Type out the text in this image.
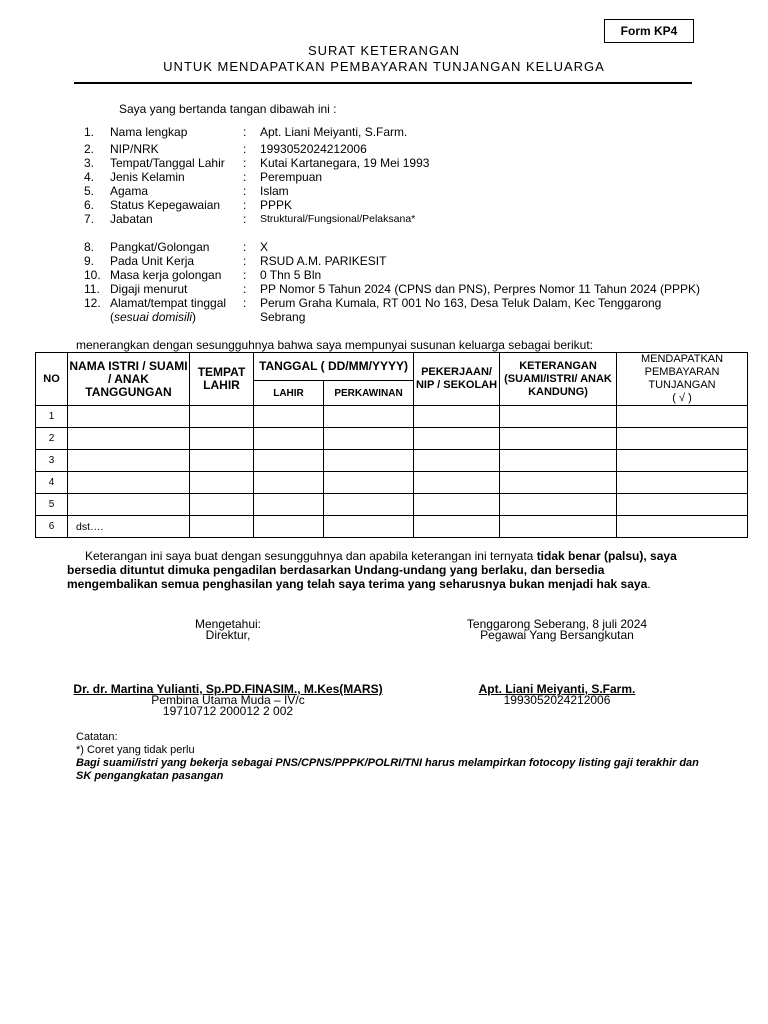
Form KP4
SURAT KETERANGAN
UNTUK MENDAPATKAN PEMBAYARAN TUNJANGAN KELUARGA
Saya yang bertanda tangan dibawah ini :
1. Nama lengkap	: Apt. Liani Meiyanti, S.Farm.
2. NIP/NRK	: 1993052024212006
3. Tempat/Tanggal Lahir : Kutai Kartanegara, 19 Mei 1993
4. Jenis Kelamin	: Perempuan
5. Agama	: Islam
6. Status Kepegawaian : PPPK
7. Jabatan	: Struktural/Fungsional/Pelaksana*
8. Pangkat/Golongan	: X
9. Pada Unit Kerja	: RSUD A.M. PARIKESIT
10. Masa kerja golongan : 0 Thn 5 Bln
11. Digaji menurut	: PP Nomor 5 Tahun 2024 (CPNS dan PNS), Perpres Nomor 11 Tahun 2024 (PPPK)
12. Alamat/tempat tinggal : Perum Graha Kumala, RT 001 No 163, Desa Teluk Dalam, Kec Tenggarong
(sesuai domisili)	Sebrang
menerangkan dengan sesungguhnya bahwa saya mempunyai susunan keluarga sebagai berikut:
NO	NAMA ISTRI / SUAMI / ANAK TANGGUNGAN	TEMPAT LAHIR	TANGGAL ( DD/MM/YYYY)		PEKERJAAN/ NIP / SEKOLAH	KETERANGAN (SUAMI/ISTRI/ ANAK KANDUNG)	MENDAPATKAN PEMBAYARAN TUNJANGAN
( √ )
			LAHIR	PERKAWINAN			
1							
2							
3							
4							
5							
6	dst….						
Keterangan ini saya buat dengan sesungguhnya dan apabila keterangan ini ternyata tidak benar (palsu), saya bersedia dituntut dimuka pengadilan berdasarkan Undang-undang yang berlaku, dan bersedia mengembalikan semua penghasilan yang telah saya terima yang seharusnya bukan menjadi hak saya.
Mengetahui:
Direktur,
Dr. dr. Martina Yulianti, Sp.PD.FINASIM., M.Kes(MARS)
Pembina Utama Muda – IV/c
19710712 200012 2 002
Tenggarong Seberang, 8 juli 2024
Pegawai Yang Bersangkutan
Apt. Liani Meiyanti, S.Farm.
1993052024212006
Catatan:
*) Coret yang tidak perlu
Bagi suami/istri yang bekerja sebagai PNS/CPNS/PPPK/POLRI/TNI harus melampirkan fotocopy listing gaji terakhir dan SK pengangkatan pasangan
